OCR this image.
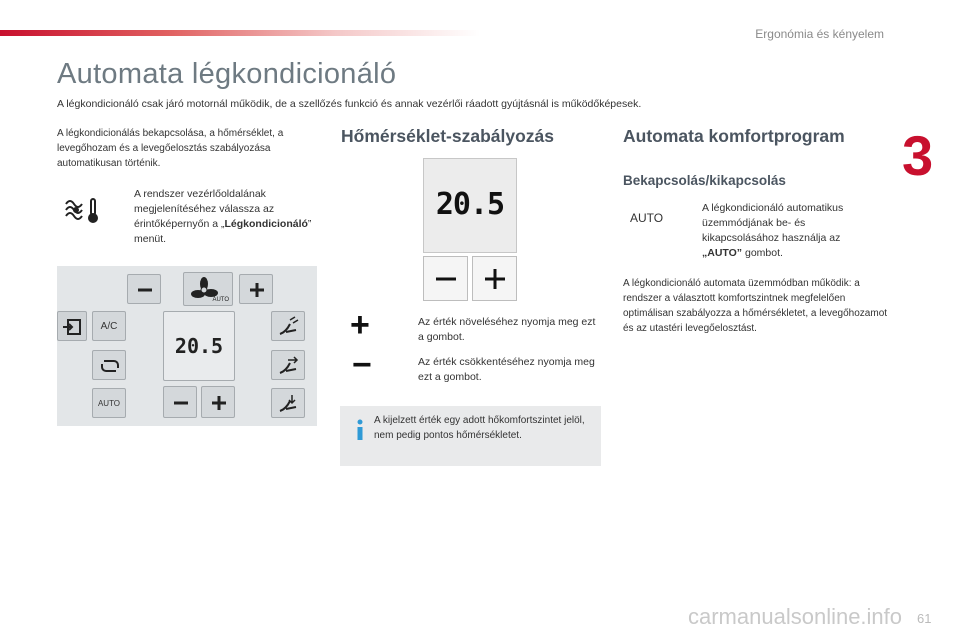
Ergonómia és kényelem
3
Automata légkondicionáló

A légkondicionáló csak járó motornál működik, de a szellőzés funkció és annak vezérlői ráadott gyújtásnál is működőképesek.

A légkondicionálás bekapcsolása, a hőmérséklet, a levegőhozam és a levegőelosztás szabályozása automatikusan történik.

A rendszer vezérlőoldalának megjelenítéséhez válassza az érintőképernyőn a „Légkondicionáló” menüt.
AUTO
A/C
AUTO
20.5
Hőmérséklet-szabályozás
20.5
+
−
Az érték növeléséhez nyomja meg ezt a gombot.
Az érték csökkentéséhez nyomja meg ezt a gombot.

A kijelzett érték egy adott hőkomfortszintet jelöl, nem pedig pontos hőmérsékletet.

Automata komfortprogram
Bekapcsolás/kikapcsolás
AUTO
A légkondicionáló automatikus üzemmódjának be- és kikapcsolásához használja az „AUTO” gombot.

A légkondicionáló automata üzemmódban működik: a rendszer a választott komfortszintnek megfelelően optimálisan szabályozza a hőmérsékletet, a levegőhozamot és az utastéri levegőelosztást.

carmanualsonline.info 61
